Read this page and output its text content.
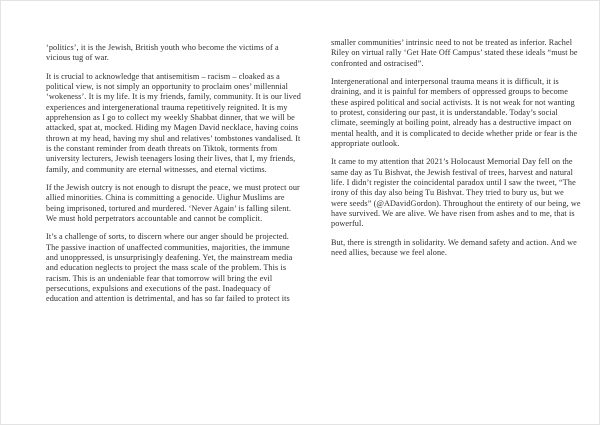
‘politics’, it is the Jewish, British youth who become the victims of a vicious tug of war.

It is crucial to acknowledge that antisemitism – racism – cloaked as a political view, is not simply an opportunity to proclaim ones’ millennial ‘wokeness’. It is my life. It is my friends, family, community. It is our lived experiences and intergenerational trauma repetitively reignited. It is my apprehension as I go to collect my weekly Shabbat dinner, that we will be attacked, spat at, mocked. Hiding my Magen David necklace, having coins thrown at my head, having my shul and relatives’ tombstones vandalised. It is the constant reminder from death threats on Tiktok, torments from university lecturers, Jewish teenagers losing their lives, that I, my friends, family, and community are eternal witnesses, and eternal victims.

If the Jewish outcry is not enough to disrupt the peace, we must protect our allied minorities. China is committing a genocide. Uighur Muslims are being imprisoned, tortured and murdered. ‘Never Again’ is falling silent. We must hold perpetrators accountable and cannot be complicit.

It’s a challenge of sorts, to discern where our anger should be projected. The passive inaction of unaffected communities, majorities, the immune and unoppressed, is unsurprisingly deafening. Yet, the mainstream media and education neglects to project the mass scale of the problem. This is racism. This is an undeniable fear that tomorrow will bring the evil persecutions, expulsions and executions of the past. Inadequacy of education and attention is detrimental, and has so far failed to protect its

smaller communities’ intrinsic need to not be treated as inferior. Rachel Riley on virtual rally ‘Get Hate Off Campus’ stated these ideals “must be confronted and ostracised”.

Intergenerational and interpersonal trauma means it is difficult, it is draining, and it is painful for members of oppressed groups to become these aspired political and social activists. It is not weak for not wanting to protest, considering our past, it is understandable. Today’s social climate, seemingly at boiling point, already has a destructive impact on mental health, and it is complicated to decide whether pride or fear is the appropriate outlook.

It came to my attention that 2021’s Holocaust Memorial Day fell on the same day as Tu Bishvat, the Jewish festival of trees, harvest and natural life. I didn’t register the coincidental paradox until I saw the tweet, “The irony of this day also being Tu Bishvat. They tried to bury us, but we were seeds” (@ADavidGordon). Throughout the entirety of our being, we have survived. We are alive. We have risen from ashes and to me, that is powerful.

But, there is strength in solidarity. We demand safety and action. And we need allies, because we feel alone.
